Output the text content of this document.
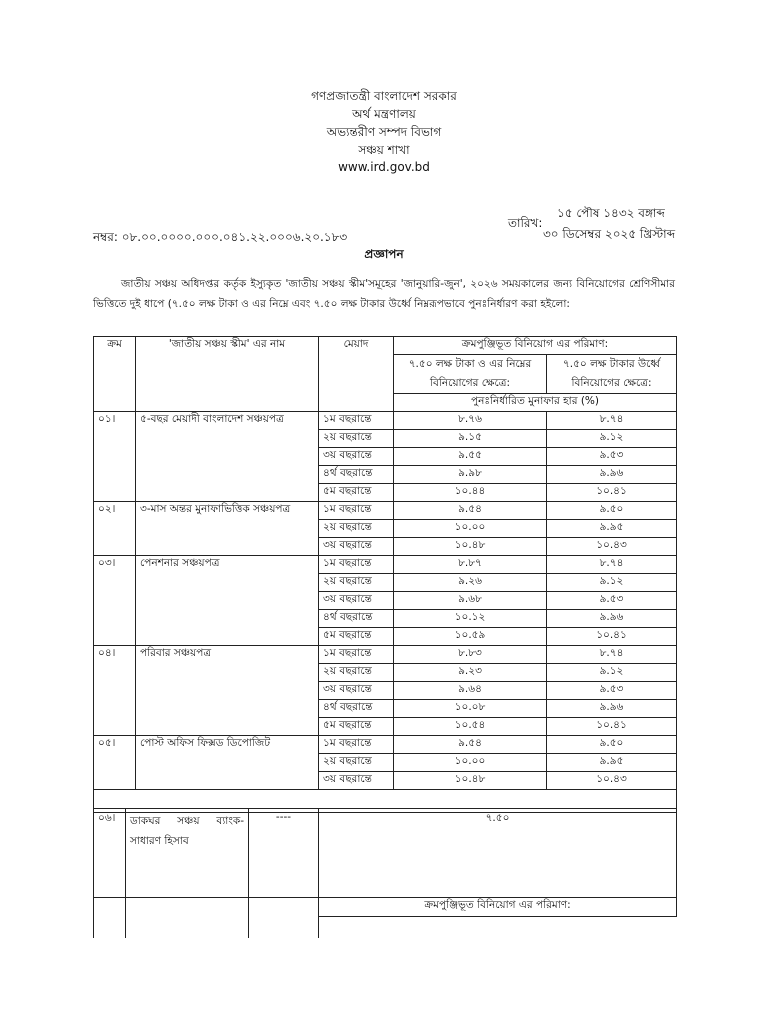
গণপ্রজাতন্ত্রী বাংলাদেশ সরকার
অর্থ মন্ত্রণালয়
অভ্যন্তরীণ সম্পদ বিভাগ
সঞ্চয় শাখা
www.ird.gov.bd
তারিখ:
১৫ পৌষ ১৪৩২ বঙ্গাব্দ
৩০ ডিসেম্বর ২০২৫ খ্রিস্টাব্দ
নম্বর: ০৮.০০.০০০০.০০০.০৪১.২২.০০০৬.২০.১৮৩
প্রজ্ঞাপন
জাতীয় সঞ্চয় অধিদপ্তর কর্তৃক ইস্যুকৃত 'জাতীয় সঞ্চয় স্কীম'সমূহের 'জানুয়ারি-জুন', ২০২৬ সময়কালের জন্য বিনিয়োগের শ্রেণিসীমার ভিত্তিতে দুই ধাপে (৭.৫০ লক্ষ টাকা ও এর নিম্নে এবং ৭.৫০ লক্ষ টাকার উর্ধ্বে নিম্নরূপভাবে পুনঃনির্ধারণ করা হইলো:
ক্রম	'জাতীয় সঞ্চয় স্কীম' এর নাম	মেয়াদ	ক্রমপুঞ্জিভূত বিনিয়োগ এর পরিমাণ:	
			৭.৫০ লক্ষ টাকা ও এর নিম্নের বিনিয়োগের ক্ষেত্রে:	৭.৫০ লক্ষ টাকার উর্ধ্বে বিনিয়োগের ক্ষেত্রে:
			পুনঃনির্ধারিত মুনাফার হার (%)	
০১।	৫-বছর মেয়াদী বাংলাদেশ সঞ্চয়পত্র	১ম বছরান্তে	৮.৭৬	৮.৭৪
		২য় বছরান্তে	৯.১৫	৯.১২
		৩য় বছরান্তে	৯.৫৫	৯.৫৩
		৪র্থ বছরান্তে	৯.৯৮	৯.৯৬
		৫ম বছরান্তে	১০.৪৪	১০.৪১
০২।	৩-মাস অন্তর মুনাফাভিত্তিক সঞ্চয়পত্র	১ম বছরান্তে	৯.৫৪	৯.৫০
		২য় বছরান্তে	১০.০০	৯.৯৫
		৩য় বছরান্তে	১০.৪৮	১০.৪৩
০৩।	পেনশনার সঞ্চয়পত্র	১ম বছরান্তে	৮.৮৭	৮.৭৪
		২য় বছরান্তে	৯.২৬	৯.১২
		৩য় বছরান্তে	৯.৬৮	৯.৫৩
		৪র্থ বছরান্তে	১০.১২	৯.৯৬
		৫ম বছরান্তে	১০.৫৯	১০.৪১
০৪।	পরিবার সঞ্চয়পত্র	১ম বছরান্তে	৮.৮৩	৮.৭৪
		২য় বছরান্তে	৯.২৩	৯.১২
		৩য় বছরান্তে	৯.৬৪	৯.৫৩
		৪র্থ বছরান্তে	১০.০৮	৯.৯৬
		৫ম বছরান্তে	১০.৫৪	১০.৪১
০৫।	পোস্ট অফিস ফিক্সড ডিপোজিট	১ম বছরান্তে	৯.৫৪	৯.৫০
		২য় বছরান্তে	১০.০০	৯.৯৫
		৩য় বছরান্তে	১০.৪৮	১০.৪৩

০৬।	ডাকঘর সঞ্চয় ব্যাংক-সাধারণ হিসাব	----	৭.৫০
			ক্রমপুঞ্জিভূত বিনিয়োগ এর পরিমাণ:
